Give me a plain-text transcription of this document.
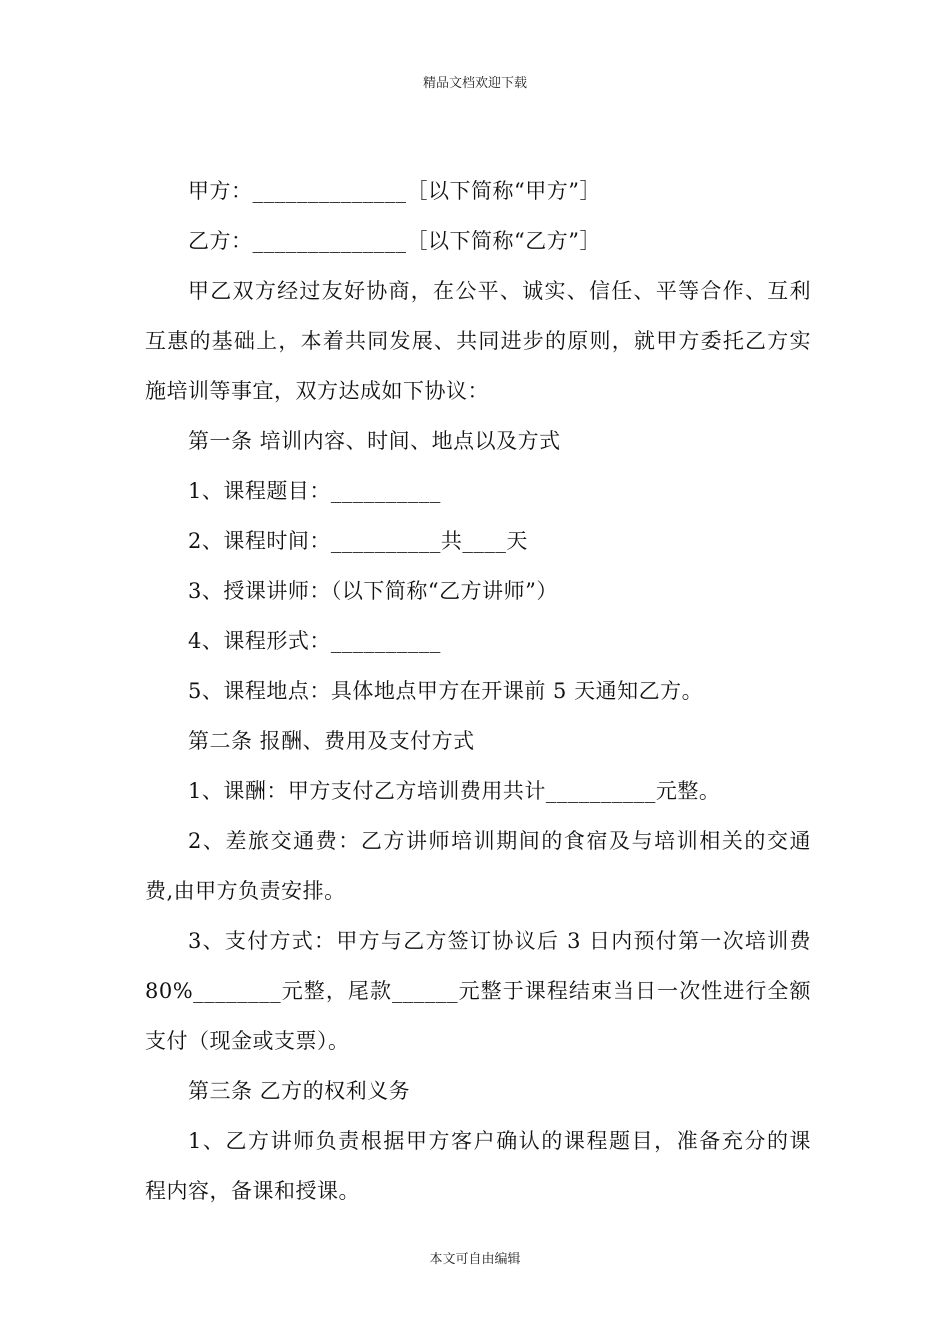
精品文档欢迎下载
甲方：______________［以下简称“甲方”］
乙方：______________［以下简称“乙方”］
甲乙双方经过友好协商，在公平、诚实、信任、平等合作、互利
互惠的基础上，本着共同发展、共同进步的原则，就甲方委托乙方实
施培训等事宜，双方达成如下协议：
第一条 培训内容、时间、地点以及方式
1、课程题目：__________
2、课程时间：__________共____天
3、授课讲师：（以下简称“乙方讲师”）
4、课程形式：__________
5、课程地点：具体地点甲方在开课前 5 天通知乙方。
第二条 报酬、费用及支付方式
1、课酬：甲方支付乙方培训费用共计__________元整。
2、差旅交通费：乙方讲师培训期间的食宿及与培训相关的交通
费,由甲方负责安排。
3、支付方式：甲方与乙方签订协议后 3 日内预付第一次培训费
80%________元整，尾款______元整于课程结束当日一次性进行全额
支付（现金或支票）。
第三条 乙方的权利义务
1、乙方讲师负责根据甲方客户确认的课程题目，准备充分的课
程内容，备课和授课。
本文可自由编辑
